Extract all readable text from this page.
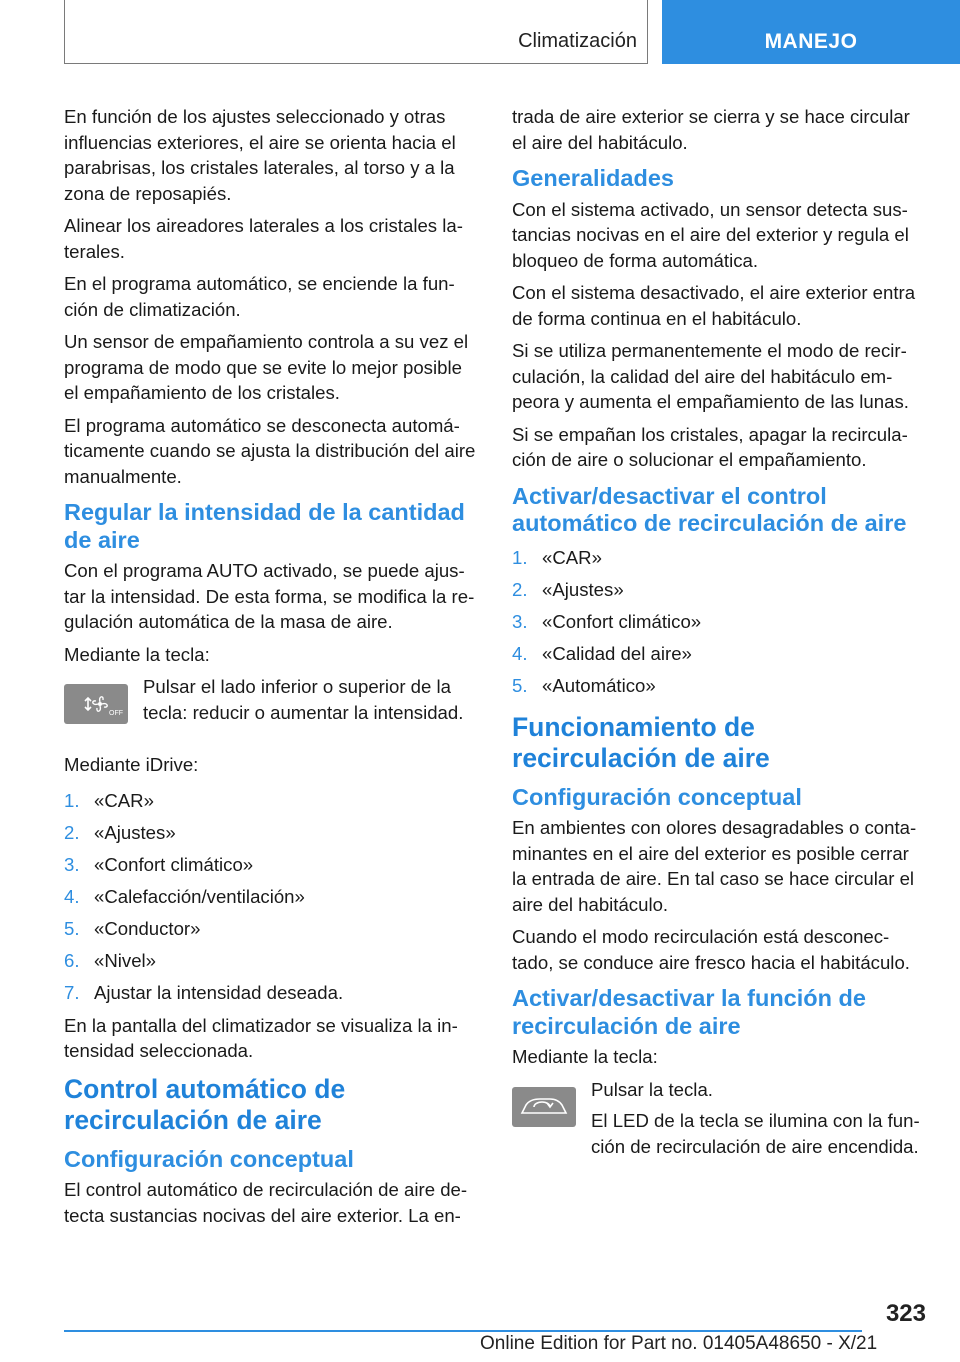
Climatización	MANEJO

En función de los ajustes seleccionado y otras influencias exteriores, el aire se orienta hacia el parabrisas, los cristales laterales, al torso y a la zona de reposapiés.

Alinear los aireadores laterales a los cristales la-terales.

En el programa automático, se enciende la fun-ción de climatización.

Un sensor de empañamiento controla a su vez el programa de modo que se evite lo mejor posible el empañamiento de los cristales.

El programa automático se desconecta automá-ticamente cuando se ajusta la distribución del aire manualmente.

Regular la intensidad de la cantidad de aire

Con el programa AUTO activado, se puede ajus-tar la intensidad. De esta forma, se modifica la re-gulación automática de la masa de aire.

Mediante la tecla:

OFF
Pulsar el lado inferior o superior de la tecla: reducir o aumentar la intensidad.

Mediante iDrive:

1. «CAR»
2. «Ajustes»
3. «Confort climático»
4. «Calefacción/ventilación»
5. «Conductor»
6. «Nivel»
7. Ajustar la intensidad deseada.

En la pantalla del climatizador se visualiza la in-tensidad seleccionada.

Control automático de recirculación de aire
Configuración conceptual

El control automático de recirculación de aire de-tecta sustancias nocivas del aire exterior. La en-

trada de aire exterior se cierra y se hace circular el aire del habitáculo.

Generalidades

Con el sistema activado, un sensor detecta sus-tancias nocivas en el aire del exterior y regula el bloqueo de forma automática.

Con el sistema desactivado, el aire exterior entra de forma continua en el habitáculo.

Si se utiliza permanentemente el modo de recir-culación, la calidad del aire del habitáculo em-peora y aumenta el empañamiento de las lunas.

Si se empañan los cristales, apagar la recircula-ción de aire o solucionar el empañamiento.

Activar/desactivar el control automático de recirculación de aire
1. «CAR»
2. «Ajustes»
3. «Confort climático»
4. «Calidad del aire»
5. «Automático»
Funcionamiento de recirculación de aire
Configuración conceptual

En ambientes con olores desagradables o conta-minantes en el aire del exterior es posible cerrar la entrada de aire. En tal caso se hace circular el aire del habitáculo.

Cuando el modo recirculación está desconec-tado, se conduce aire fresco hacia el habitáculo.

Activar/desactivar la función de recirculación de aire

Mediante la tecla:

Pulsar la tecla.
El LED de la tecla se ilumina con la fun-ción de recirculación de aire encendida.
323
Online Edition for Part no. 01405A48650 - X/21
